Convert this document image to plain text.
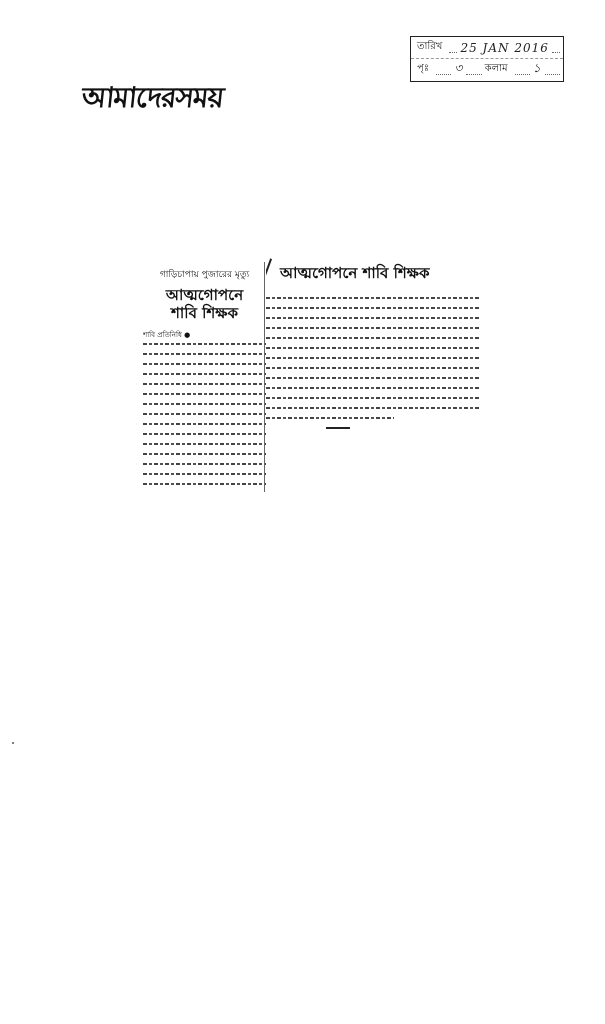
তারিখ 25 JAN 2016
পৃঃ ৩ কলাম ১
আমাদেরসময়
গাড়িচাপায় পুজারের মৃত্যু
আত্মগোপনে
শাবি শিক্ষক
শাবি প্রতিনিধি ●
আত্মগোপনে শাবি শিক্ষক
